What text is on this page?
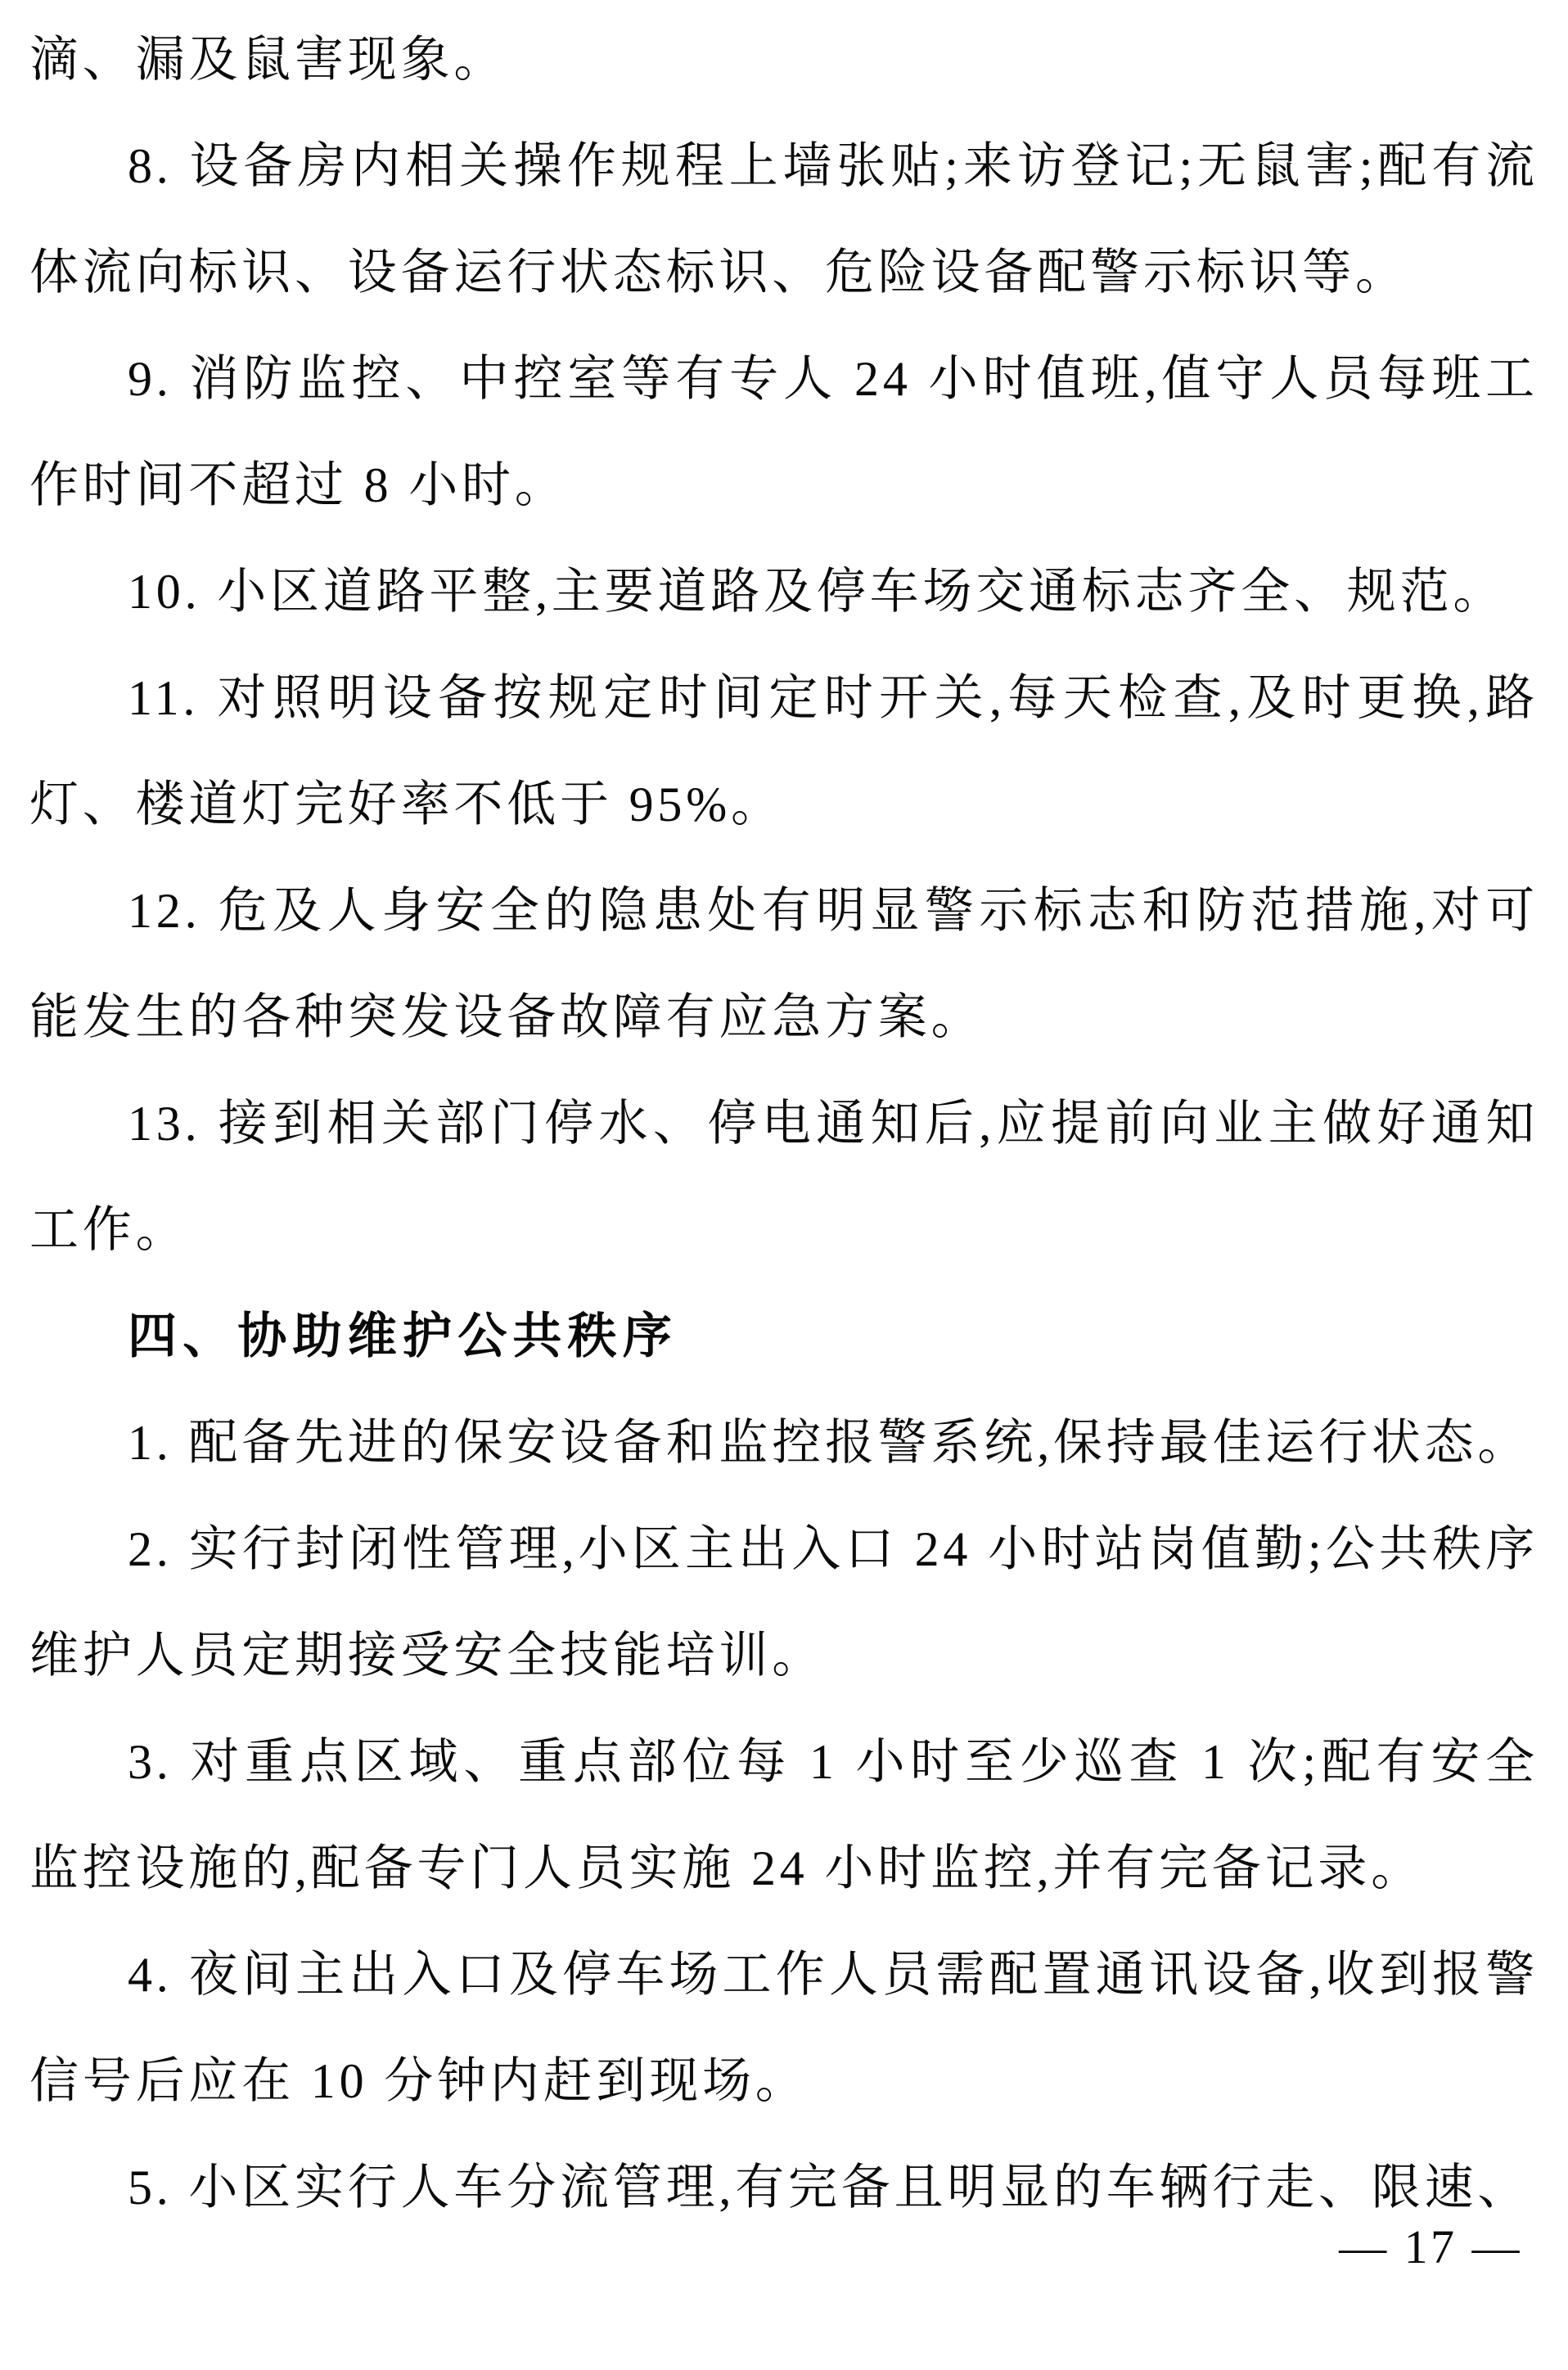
滴、漏及鼠害现象。

8. 设备房内相关操作规程上墙张贴;来访登记;无鼠害;配有流体流向标识、设备运行状态标识、危险设备配警示标识等。

9. 消防监控、中控室等有专人 24 小时值班,值守人员每班工作时间不超过 8 小时。

10. 小区道路平整,主要道路及停车场交通标志齐全、规范。

11. 对照明设备按规定时间定时开关,每天检查,及时更换,路灯、楼道灯完好率不低于 95%。

12. 危及人身安全的隐患处有明显警示标志和防范措施,对可能发生的各种突发设备故障有应急方案。

13. 接到相关部门停水、停电通知后,应提前向业主做好通知工作。

四、协助维护公共秩序

1. 配备先进的保安设备和监控报警系统,保持最佳运行状态。

2. 实行封闭性管理,小区主出入口 24 小时站岗值勤;公共秩序维护人员定期接受安全技能培训。

3. 对重点区域、重点部位每 1 小时至少巡查 1 次;配有安全监控设施的,配备专门人员实施 24 小时监控,并有完备记录。

4. 夜间主出入口及停车场工作人员需配置通讯设备,收到报警信号后应在 10 分钟内赶到现场。

5. 小区实行人车分流管理,有完备且明显的车辆行走、限速、

— 17 —
